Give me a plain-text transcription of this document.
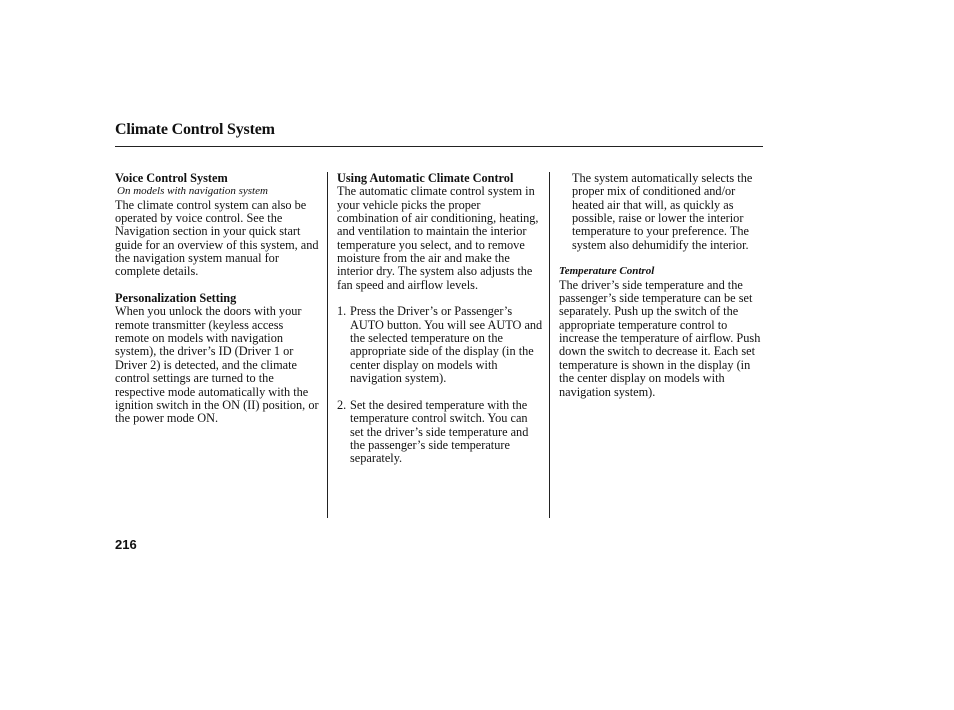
Climate Control System
Voice Control System
On models with navigation system

The climate control system can also be operated by voice control. See the Navigation section in your quick start guide for an overview of this system, and the navigation system manual for complete details.

Personalization Setting

When you unlock the doors with your remote transmitter (keyless access remote on models with navigation system), the driver’s ID (Driver 1 or Driver 2) is detected, and the climate control settings are turned to the respective mode automatically with the ignition switch in the ON (II) position, or the power mode ON.

Using Automatic Climate Control

The automatic climate control system in your vehicle picks the proper combination of air conditioning, heating, and ventilation to maintain the interior temperature you select, and to remove moisture from the air and make the interior dry. The system also adjusts the fan speed and airflow levels.

1. Press the Driver’s or Passenger’s AUTO button. You will see AUTO and the selected temperature on the appropriate side of the display (in the center display on models with navigation system).
2. Set the desired temperature with the temperature control switch. You can set the driver’s side temperature and the passenger’s side temperature separately.

The system automatically selects the proper mix of conditioned and/or heated air that will, as quickly as possible, raise or lower the interior temperature to your preference. The system also dehumidify the interior.

Temperature Control

The driver’s side temperature and the passenger’s side temperature can be set separately. Push up the switch of the appropriate temperature control to increase the temperature of airflow. Push down the switch to decrease it. Each set temperature is shown in the display (in the center display on models with navigation system).

216
